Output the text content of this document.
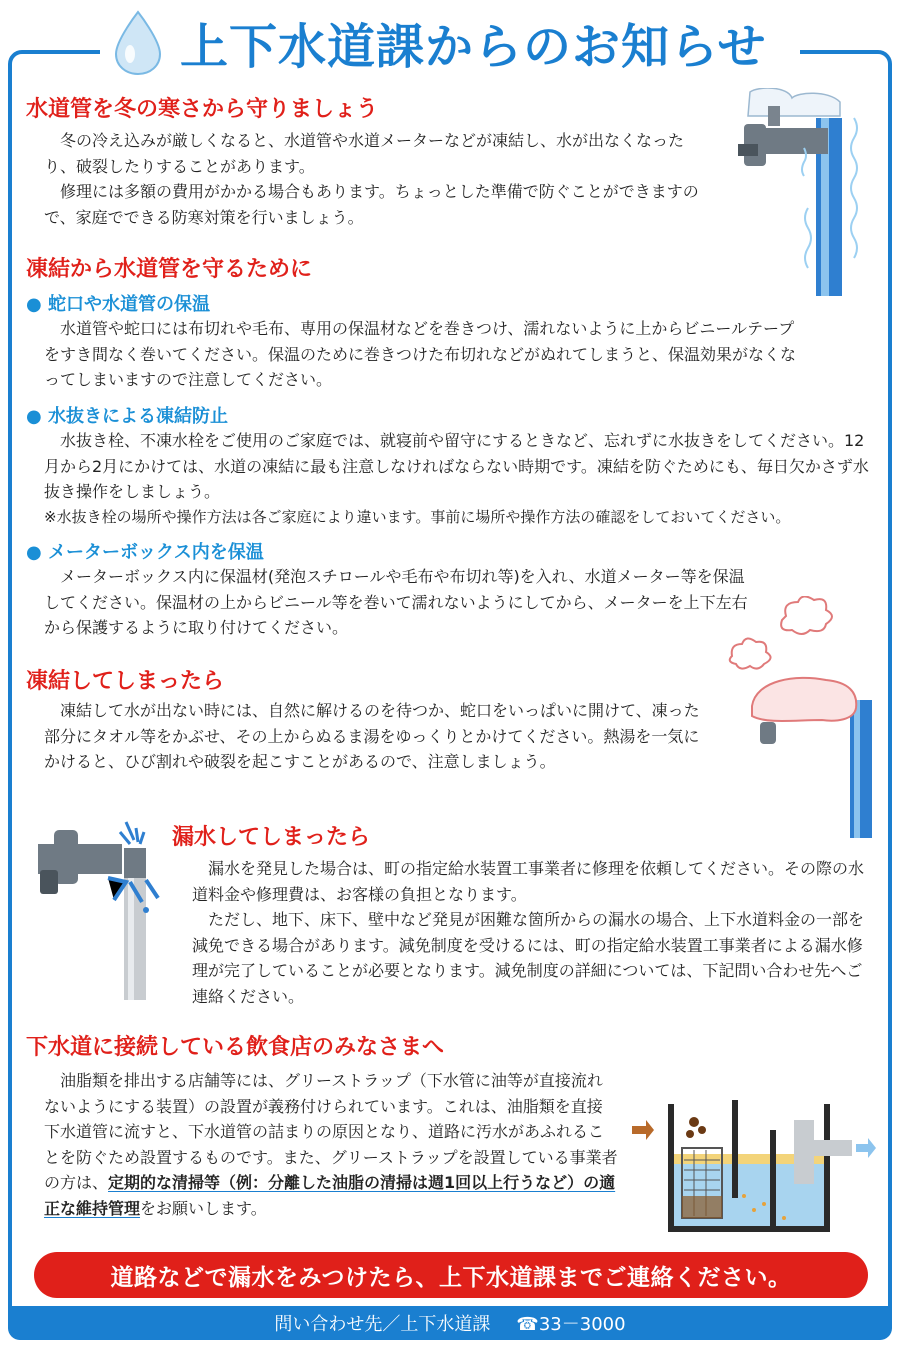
上下水道課からのお知らせ
水道管を冬の寒さから守りましょう

冬の冷え込みが厳しくなると、水道管や水道メーターなどが凍結し、水が出なくなったり、破裂したりすることがあります。

修理には多額の費用がかかる場合もあります。ちょっとした準備で防ぐことができますので、家庭でできる防寒対策を行いましょう。

凍結から水道管を守るために
● 蛇口や水道管の保温

水道管や蛇口には布切れや毛布、専用の保温材などを巻きつけ、濡れないように上からビニールテープをすき間なく巻いてください。保温のために巻きつけた布切れなどがぬれてしまうと、保温効果がなくなってしまいますので注意してください。

● 水抜きによる凍結防止

水抜き栓、不凍水栓をご使用のご家庭では、就寝前や留守にするときなど、忘れずに水抜きをしてください。12月から2月にかけては、水道の凍結に最も注意しなければならない時期です。凍結を防ぐためにも、毎日欠かさず水抜き操作をしましょう。

※水抜き栓の場所や操作方法は各ご家庭により違います。事前に場所や操作方法の確認をしておいてください。

● メーターボックス内を保温

メーターボックス内に保温材(発泡スチロールや毛布や布切れ等)を入れ、水道メーター等を保温してください。保温材の上からビニール等を巻いて濡れないようにしてから、メーターを上下左右から保護するように取り付けてください。

凍結してしまったら

凍結して水が出ない時には、自然に解けるのを待つか、蛇口をいっぱいに開けて、凍った部分にタオル等をかぶせ、その上からぬるま湯をゆっくりとかけてください。熱湯を一気にかけると、ひび割れや破裂を起こすことがあるので、注意しましょう。

漏水してしまったら

漏水を発見した場合は、町の指定給水装置工事業者に修理を依頼してください。その際の水道料金や修理費は、お客様の負担となります。

ただし、地下、床下、壁中など発見が困難な箇所からの漏水の場合、上下水道料金の一部を減免できる場合があります。減免制度を受けるには、町の指定給水装置工事業者による漏水修理が完了していることが必要となります。減免制度の詳細については、下記問い合わせ先へご連絡ください。

下水道に接続している飲食店のみなさまへ

油脂類を排出する店舗等には、グリーストラップ（下水管に油等が直接流れないようにする装置）の設置が義務付けられています。これは、油脂類を直接下水道管に流すと、下水道管の詰まりの原因となり、道路に汚水があふれることを防ぐため設置するものです。また、グリーストラップを設置している事業者の方は、定期的な清掃等（例：分離した油脂の清掃は週1回以上行うなど）の適正な維持管理をお願いします。

道路などで漏水をみつけたら、上下水道課までご連絡ください。
問い合わせ先／上下水道課 ☎33－3000
